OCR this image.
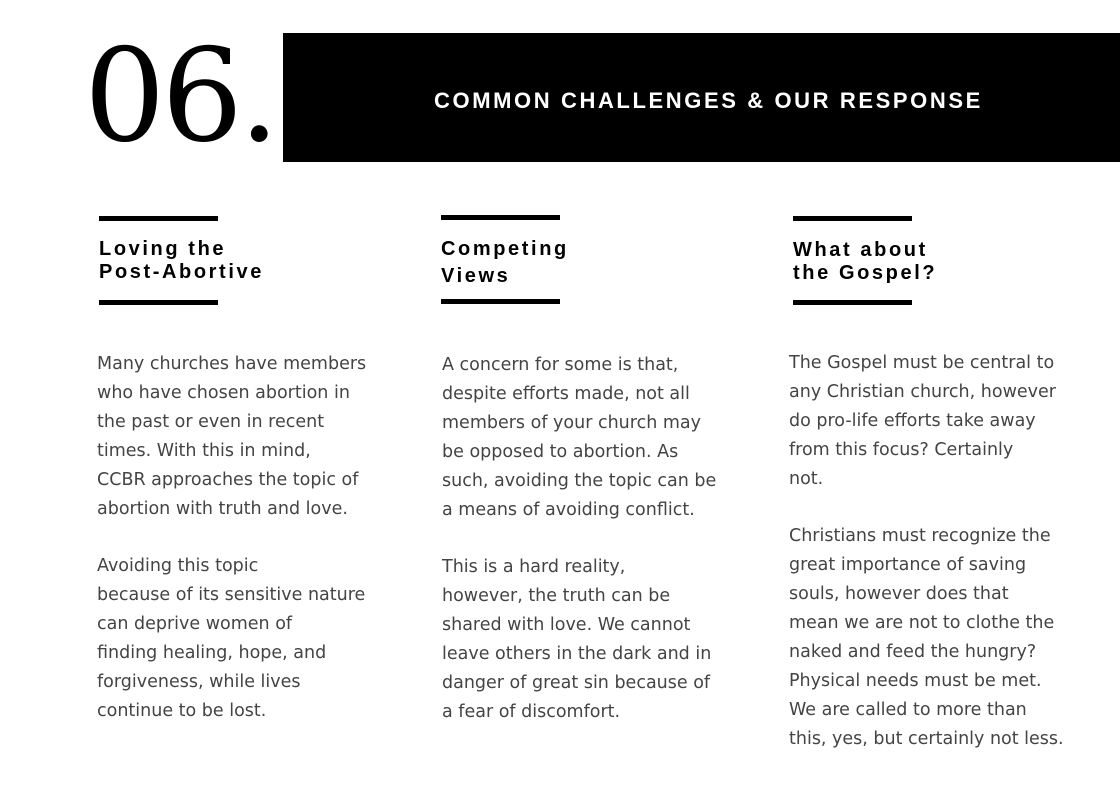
06.	COMMON CHALLENGES & OUR RESPONSE
Loving the
Post-Abortive
Many churches have members
who have chosen abortion in
the past or even in recent
times. With this in mind,
CCBR approaches the topic of
abortion with truth and love.
Avoiding this topic
because of its sensitive nature
can deprive women of
finding healing, hope, and
forgiveness, while lives
continue to be lost.
Competing
Views
A concern for some is that,
despite efforts made, not all
members of your church may
be opposed to abortion. As
such, avoiding the topic can be
a means of avoiding conflict.
This is a hard reality,
however, the truth can be
shared with love. We cannot
leave others in the dark and in
danger of great sin because of
a fear of discomfort.
What about
the Gospel?
The Gospel must be central to
any Christian church, however
do pro-life efforts take away
from this focus? Certainly
not.
Christians must recognize the
great importance of saving
souls, however does that
mean we are not to clothe the
naked and feed the hungry?
Physical needs must be met.
We are called to more than
this, yes, but certainly not less.
